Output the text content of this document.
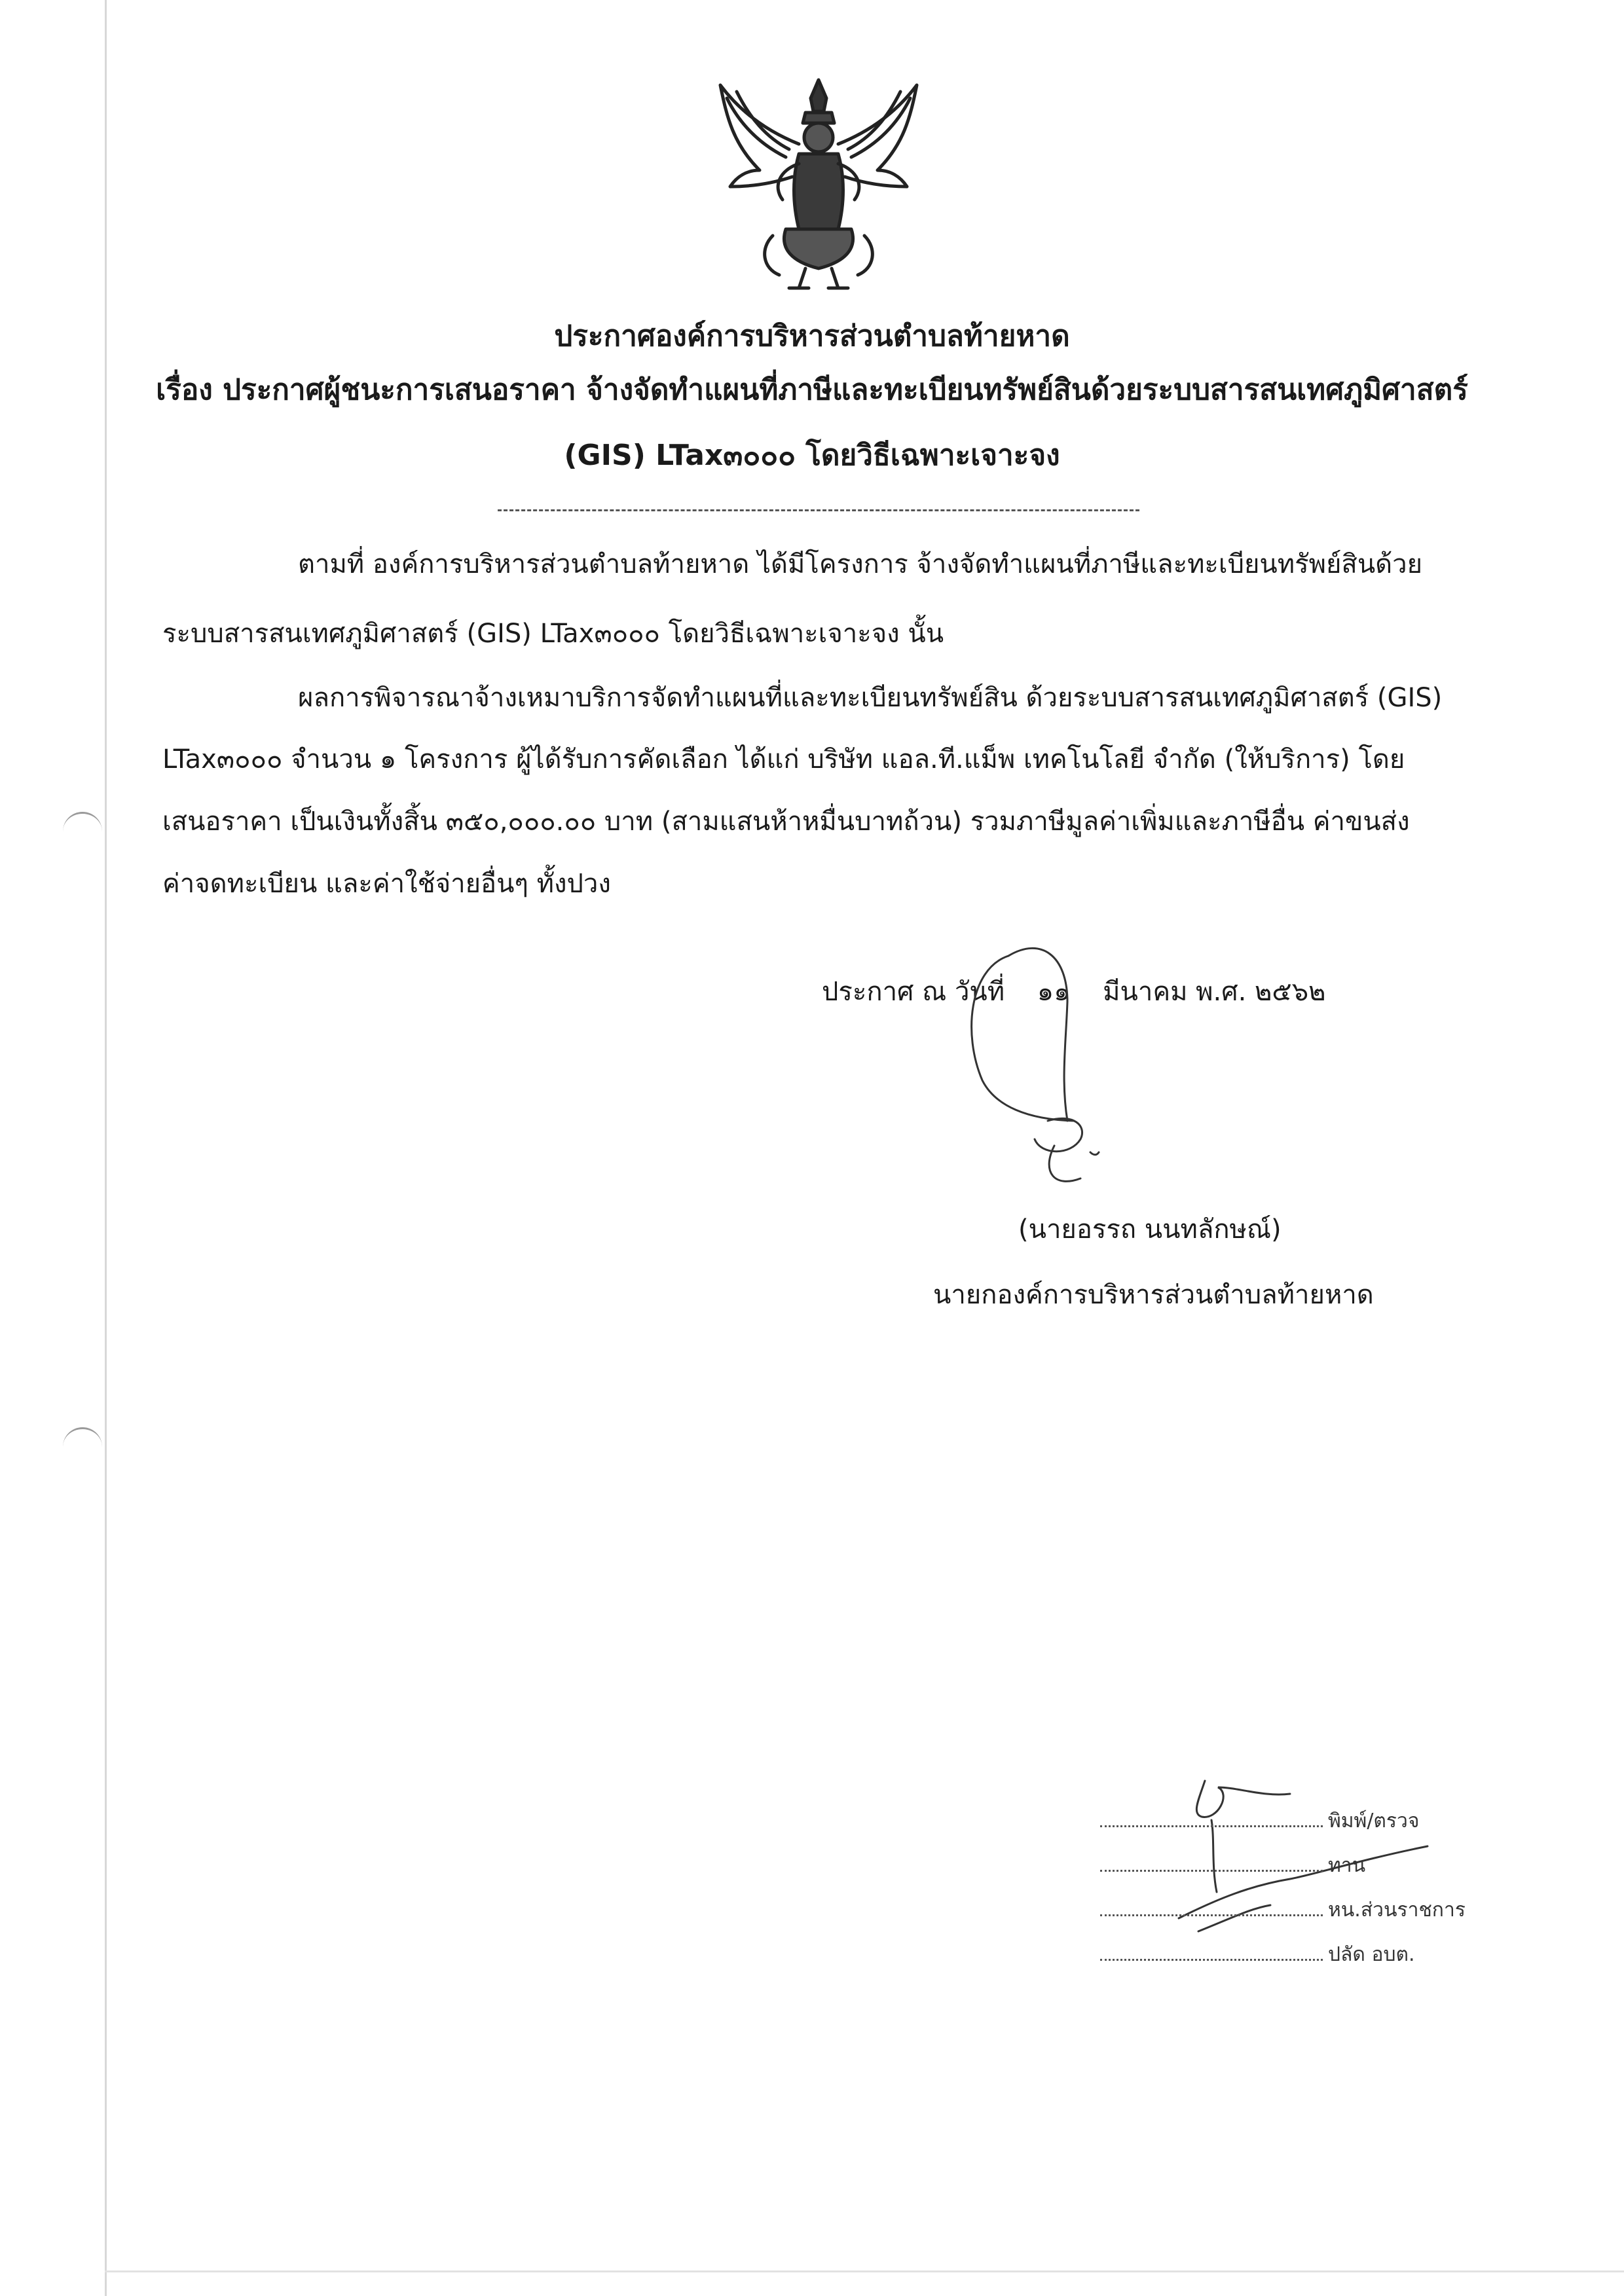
ประกาศองค์การบริหารส่วนตำบลท้ายหาด
เรื่อง ประกาศผู้ชนะการเสนอราคา จ้างจัดทำแผนที่ภาษีและทะเบียนทรัพย์สินด้วยระบบสารสนเทศภูมิศาสตร์
(GIS) LTax๓๐๐๐ โดยวิธีเฉพาะเจาะจง
ตามที่ องค์การบริหารส่วนตำบลท้ายหาด ได้มีโครงการ จ้างจัดทำแผนที่ภาษีและทะเบียนทรัพย์สินด้วย
ระบบสารสนเทศภูมิศาสตร์ (GIS) LTax๓๐๐๐ โดยวิธีเฉพาะเจาะจง นั้น
ผลการพิจารณาจ้างเหมาบริการจัดทำแผนที่และทะเบียนทรัพย์สิน ด้วยระบบสารสนเทศภูมิศาสตร์ (GIS)
LTax๓๐๐๐ จำนวน ๑ โครงการ ผู้ได้รับการคัดเลือก ได้แก่ บริษัท แอล.ที.แม็พ เทคโนโลยี จำกัด (ให้บริการ) โดย
เสนอราคา เป็นเงินทั้งสิ้น ๓๕๐,๐๐๐.๐๐ บาท (สามแสนห้าหมื่นบาทถ้วน) รวมภาษีมูลค่าเพิ่มและภาษีอื่น ค่าขนส่ง
ค่าจดทะเบียน และค่าใช้จ่ายอื่นๆ ทั้งปวง
ประกาศ ณ วันที่ ๑๑ มีนาคม พ.ศ. ๒๕๖๒
(นายอรรถ นนทลักษณ์)
นายกองค์การบริหารส่วนตำบลท้ายหาด
พิมพ์/ตรวจ
ทาน
หน.ส่วนราชการ
ปลัด อบต.
